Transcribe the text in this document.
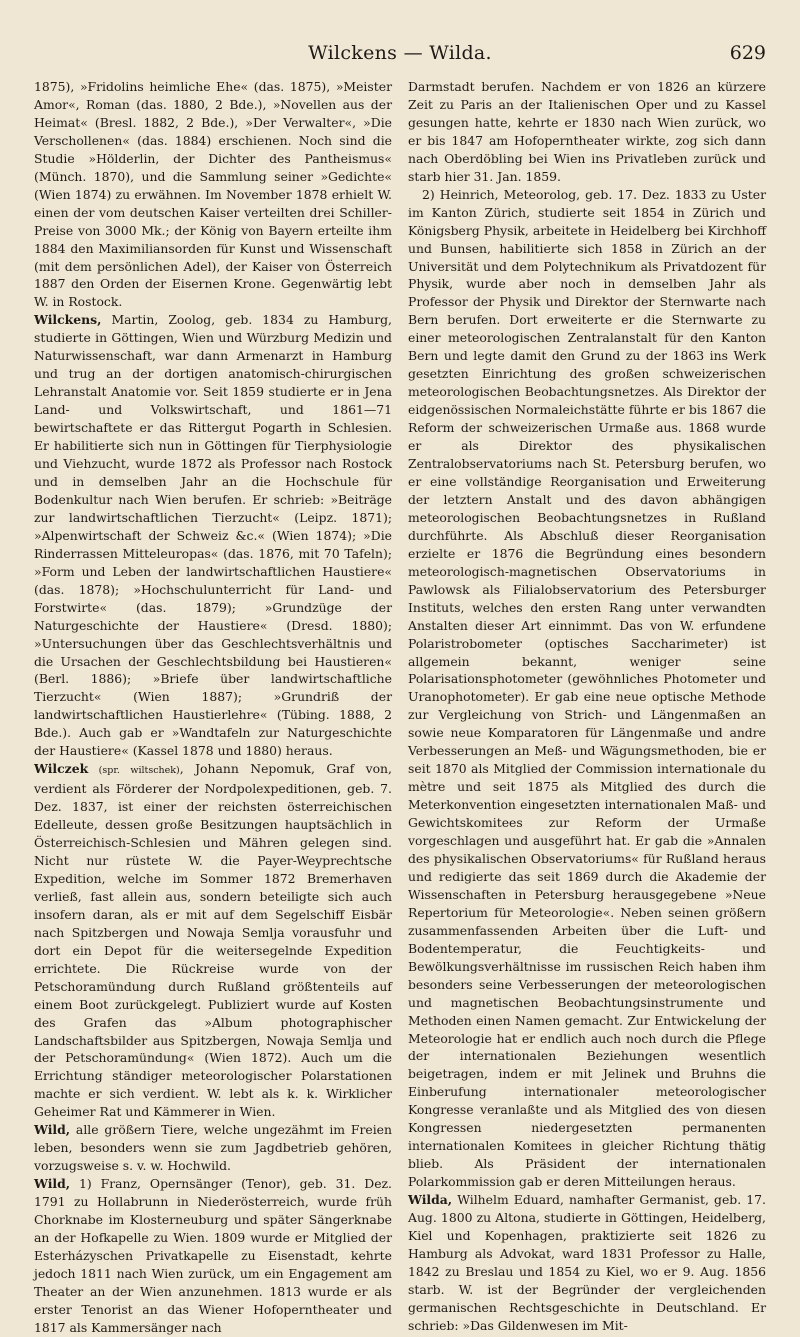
Wilckens — Wilda.	629

1875), »Fridolins heimliche Ehe« (das. 1875), »Meister Amor«, Roman (das. 1880, 2 Bde.), »Novellen aus der Heimat« (Bresl. 1882, 2 Bde.), »Der Verwalter«, »Die Verschollenen« (das. 1884) erschienen. Noch sind die Studie »Hölderlin, der Dichter des Pantheismus« (Münch. 1870), und die Sammlung seiner »Gedichte« (Wien 1874) zu erwähnen. Im November 1878 erhielt W. einen der vom deutschen Kaiser verteilten drei Schiller-Preise von 3000 Mk.; der König von Bayern erteilte ihm 1884 den Maximiliansorden für Kunst und Wissenschaft (mit dem persönlichen Adel), der Kaiser von Österreich 1887 den Orden der Eisernen Krone. Gegenwärtig lebt W. in Rostock.

Wilckens, Martin, Zoolog, geb. 1834 zu Hamburg, studierte in Göttingen, Wien und Würzburg Medizin und Naturwissenschaft, war dann Armenarzt in Hamburg und trug an der dortigen anatomisch-chirurgischen Lehranstalt Anatomie vor. Seit 1859 studierte er in Jena Land- und Volkswirtschaft, und 1861—71 bewirtschaftete er das Rittergut Pogarth in Schlesien. Er habilitierte sich nun in Göttingen für Tierphysiologie und Viehzucht, wurde 1872 als Professor nach Rostock und in demselben Jahr an die Hochschule für Bodenkultur nach Wien berufen. Er schrieb: »Beiträge zur landwirtschaftlichen Tierzucht« (Leipz. 1871); »Alpenwirtschaft der Schweiz &c.« (Wien 1874); »Die Rinderrassen Mitteleuropas« (das. 1876, mit 70 Tafeln); »Form und Leben der landwirtschaftlichen Haustiere« (das. 1878); »Hochschulunterricht für Land- und Forstwirte« (das. 1879); »Grundzüge der Naturgeschichte der Haustiere« (Dresd. 1880); »Untersuchungen über das Geschlechtsverhältnis und die Ursachen der Geschlechtsbildung bei Haustieren« (Berl. 1886); »Briefe über landwirtschaftliche Tierzucht« (Wien 1887); »Grundriß der landwirtschaftlichen Haustierlehre« (Tübing. 1888, 2 Bde.). Auch gab er »Wandtafeln zur Naturgeschichte der Haustiere« (Kassel 1878 und 1880) heraus.

Wilczek (spr. wiltschek), Johann Nepomuk, Graf von, verdient als Förderer der Nordpolexpeditionen, geb. 7. Dez. 1837, ist einer der reichsten österreichischen Edelleute, dessen große Besitzungen hauptsächlich in Österreichisch-Schlesien und Mähren gelegen sind. Nicht nur rüstete W. die Payer-Weyprechtsche Expedition, welche im Sommer 1872 Bremerhaven verließ, fast allein aus, sondern beteiligte sich auch insofern daran, als er mit auf dem Segelschiff Eisbär nach Spitzbergen und Nowaja Semlja vorausfuhr und dort ein Depot für die weitersegelnde Expedition errichtete. Die Rückreise wurde von der Petschoramündung durch Rußland größtenteils auf einem Boot zurückgelegt. Publiziert wurde auf Kosten des Grafen das »Album photographischer Landschaftsbilder aus Spitzbergen, Nowaja Semlja und der Petschoramündung« (Wien 1872). Auch um die Errichtung ständiger meteorologischer Polarstationen machte er sich verdient. W. lebt als k. k. Wirklicher Geheimer Rat und Kämmerer in Wien.

Wild, alle größern Tiere, welche ungezähmt im Freien leben, besonders wenn sie zum Jagdbetrieb gehören, vorzugsweise s. v. w. Hochwild.

Wild, 1) Franz, Opernsänger (Tenor), geb. 31. Dez. 1791 zu Hollabrunn in Niederösterreich, wurde früh Chorknabe im Klosterneuburg und später Sängerknabe an der Hofkapelle zu Wien. 1809 wurde er Mitglied der Esterházyschen Privatkapelle zu Eisenstadt, kehrte jedoch 1811 nach Wien zurück, um ein Engagement am Theater an der Wien anzunehmen. 1813 wurde er als erster Tenorist an das Wiener Hofoperntheater und 1817 als Kammersänger nach

Darmstadt berufen. Nachdem er von 1826 an kürzere Zeit zu Paris an der Italienischen Oper und zu Kassel gesungen hatte, kehrte er 1830 nach Wien zurück, wo er bis 1847 am Hofoperntheater wirkte, zog sich dann nach Oberdöbling bei Wien ins Privatleben zurück und starb hier 31. Jan. 1859.

2) Heinrich, Meteorolog, geb. 17. Dez. 1833 zu Uster im Kanton Zürich, studierte seit 1854 in Zürich und Königsberg Physik, arbeitete in Heidelberg bei Kirchhoff und Bunsen, habilitierte sich 1858 in Zürich an der Universität und dem Polytechnikum als Privatdozent für Physik, wurde aber noch in demselben Jahr als Professor der Physik und Direktor der Sternwarte nach Bern berufen. Dort erweiterte er die Sternwarte zu einer meteorologischen Zentralanstalt für den Kanton Bern und legte damit den Grund zu der 1863 ins Werk gesetzten Einrichtung des großen schweizerischen meteorologischen Beobachtungsnetzes. Als Direktor der eidgenössischen Normaleichstätte führte er bis 1867 die Reform der schweizerischen Urmaße aus. 1868 wurde er als Direktor des physikalischen Zentralobservatoriums nach St. Petersburg berufen, wo er eine vollständige Reorganisation und Erweiterung der letztern Anstalt und des davon abhängigen meteorologischen Beobachtungsnetzes in Rußland durchführte. Als Abschluß dieser Reorganisation erzielte er 1876 die Begründung eines besondern meteorologisch-magnetischen Observatoriums in Pawlowsk als Filialobservatorium des Petersburger Instituts, welches den ersten Rang unter verwandten Anstalten dieser Art einnimmt. Das von W. erfundene Polaristrobometer (optisches Saccharimeter) ist allgemein bekannt, weniger seine Polarisationsphotometer (gewöhnliches Photometer und Uranophotometer). Er gab eine neue optische Methode zur Vergleichung von Strich- und Längenmaßen an sowie neue Komparatoren für Längenmaße und andre Verbesserungen an Meß- und Wägungsmethoden, bie er seit 1870 als Mitglied der Commission internationale du mètre und seit 1875 als Mitglied des durch die Meterkonvention eingesetzten internationalen Maß- und Gewichtskomitees zur Reform der Urmaße vorgeschlagen und ausgeführt hat. Er gab die »Annalen des physikalischen Observatoriums« für Rußland heraus und redigierte das seit 1869 durch die Akademie der Wissenschaften in Petersburg herausgegebene »Neue Repertorium für Meteorologie«. Neben seinen größern zusammenfassenden Arbeiten über die Luft- und Bodentemperatur, die Feuchtigkeits- und Bewölkungsverhältnisse im russischen Reich haben ihm besonders seine Verbesserungen der meteorologischen und magnetischen Beobachtungsinstrumente und Methoden einen Namen gemacht. Zur Entwickelung der Meteorologie hat er endlich auch noch durch die Pflege der internationalen Beziehungen wesentlich beigetragen, indem er mit Jelinek und Bruhns die Einberufung internationaler meteorologischer Kongresse veranlaßte und als Mitglied des von diesen Kongressen niedergesetzten permanenten internationalen Komitees in gleicher Richtung thätig blieb. Als Präsident der internationalen Polarkommission gab er deren Mitteilungen heraus.

Wilda, Wilhelm Eduard, namhafter Germanist, geb. 17. Aug. 1800 zu Altona, studierte in Göttingen, Heidelberg, Kiel und Kopenhagen, praktizierte seit 1826 zu Hamburg als Advokat, ward 1831 Professor zu Halle, 1842 zu Breslau und 1854 zu Kiel, wo er 9. Aug. 1856 starb. W. ist der Begründer der vergleichenden germanischen Rechtsgeschichte in Deutschland. Er schrieb: »Das Gildenwesen im Mit-
